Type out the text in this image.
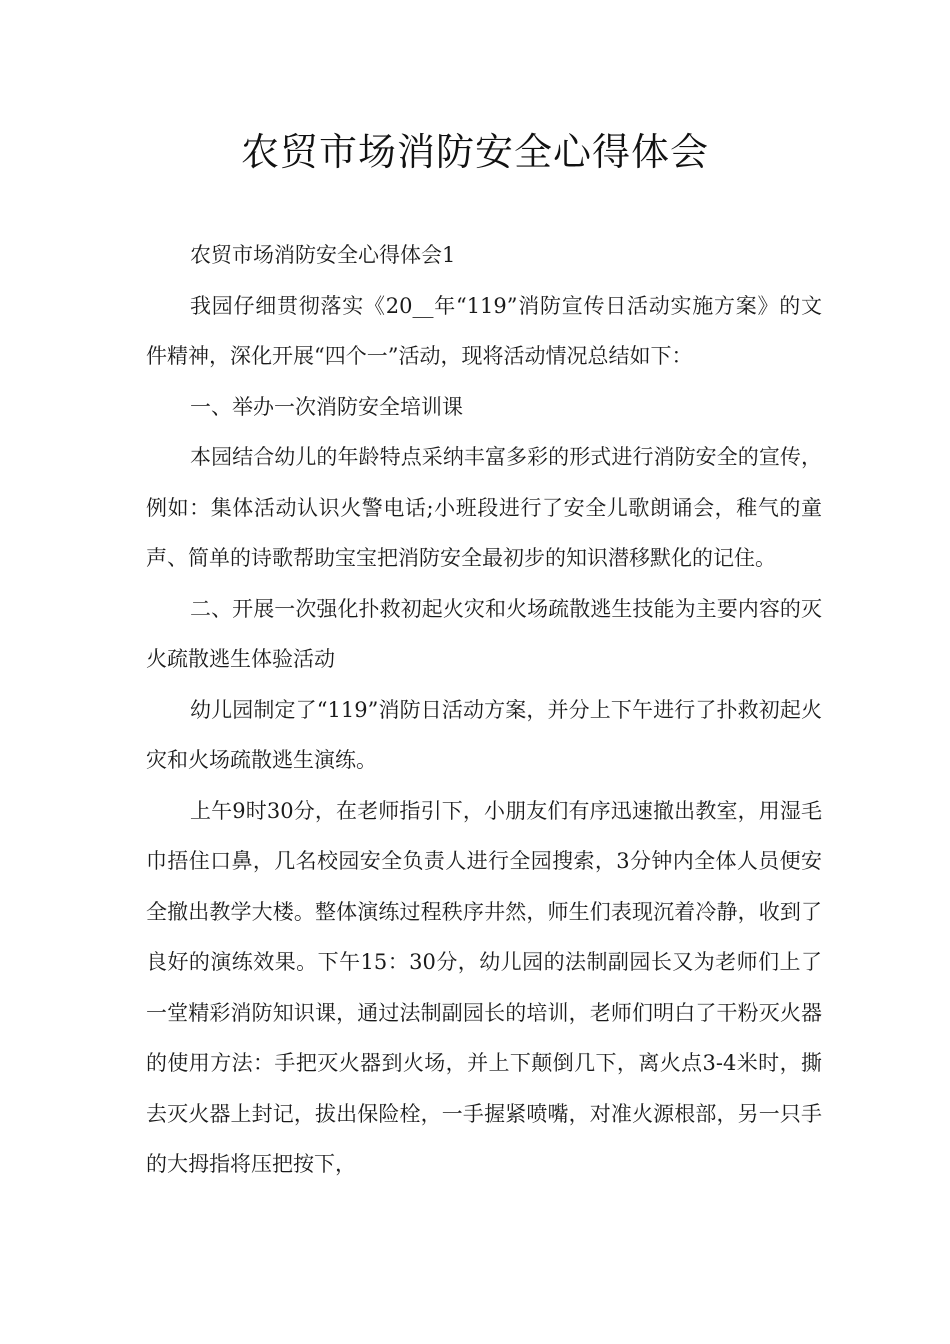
农贸市场消防安全心得体会

农贸市场消防安全心得体会1

我园仔细贯彻落实《20__年“119”消防宣传日活动实施方案》的文件精神，深化开展“四个一”活动，现将活动情况总结如下：

一、举办一次消防安全培训课

本园结合幼儿的年龄特点采纳丰富多彩的形式进行消防安全的宣传，例如：集体活动认识火警电话;小班段进行了安全儿歌朗诵会，稚气的童声、简单的诗歌帮助宝宝把消防安全最初步的知识潜移默化的记住。

二、开展一次强化扑救初起火灾和火场疏散逃生技能为主要内容的灭火疏散逃生体验活动

幼儿园制定了“119”消防日活动方案，并分上下午进行了扑救初起火灾和火场疏散逃生演练。

上午9时30分，在老师指引下，小朋友们有序迅速撤出教室，用湿毛巾捂住口鼻，几名校园安全负责人进行全园搜索，3分钟内全体人员便安全撤出教学大楼。整体演练过程秩序井然，师生们表现沉着冷静，收到了良好的演练效果。下午15：30分，幼儿园的法制副园长又为老师们上了一堂精彩消防知识课，通过法制副园长的培训，老师们明白了干粉灭火器的使用方法：手把灭火器到火场，并上下颠倒几下，离火点3-4米时，撕去灭火器上封记，拔出保险栓，一手握紧喷嘴，对准火源根部，另一只手的大拇指将压把按下，
